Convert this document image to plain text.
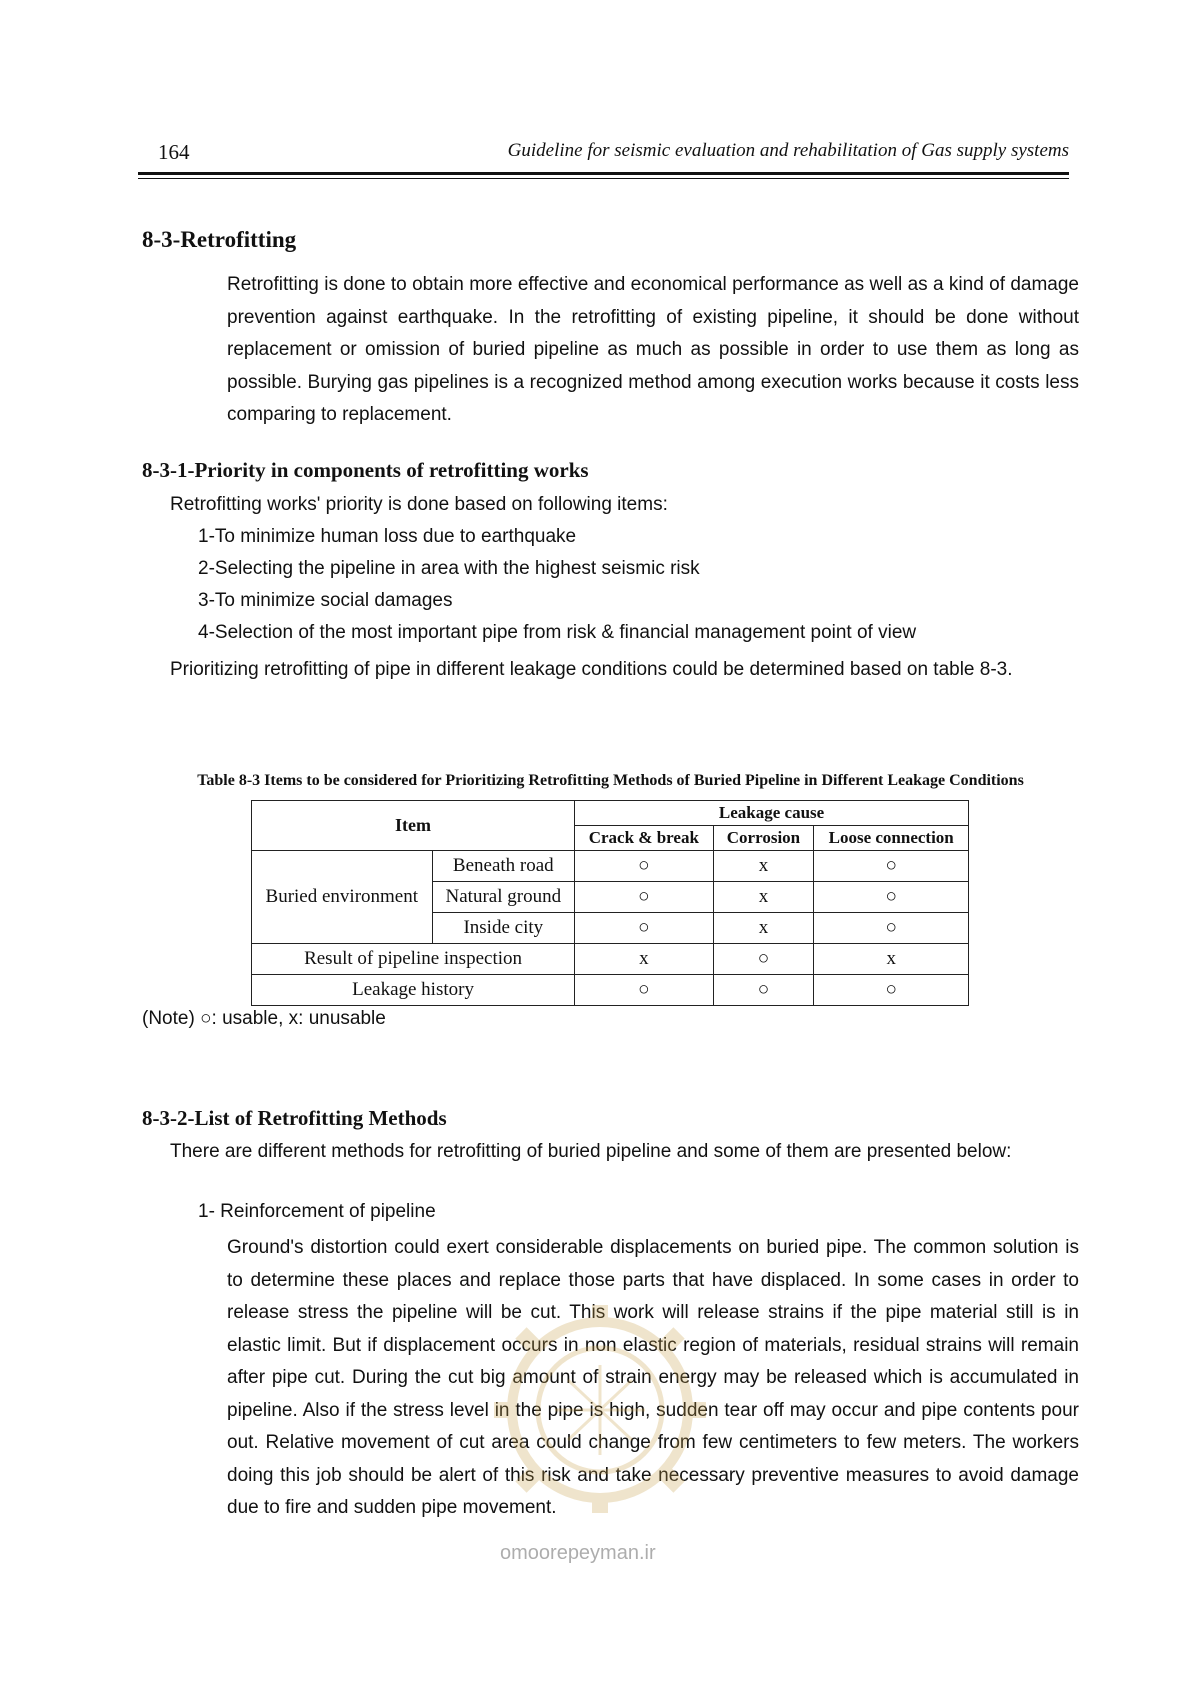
164	Guideline for seismic evaluation and rehabilitation of Gas supply systems
8-3-Retrofitting
Retrofitting is done to obtain more effective and economical performance as well as a kind of damage prevention against earthquake. In the retrofitting of existing pipeline, it should be done without replacement or omission of buried pipeline as much as possible in order to use them as long as possible. Burying gas pipelines is a recognized method among execution works because it costs less comparing to replacement.
8-3-1-Priority in components of retrofitting works
Retrofitting works' priority is done based on following items:
1-To minimize human loss due to earthquake
2-Selecting the pipeline in area with the highest seismic risk
3-To minimize social damages
4-Selection of the most important pipe from risk & financial management point of view
Prioritizing retrofitting of pipe in different leakage conditions could be determined based on table 8-3.
Table 8-3 Items to be considered for Prioritizing Retrofitting Methods of Buried Pipeline in Different Leakage Conditions
Item		Leakage cause		
		Crack & break	Corrosion	Loose connection
Buried environment	Beneath road	○	x	○
	Natural ground	○	x	○
	Inside city	○	x	○
Result of pipeline inspection		x	○	x
Leakage history		○	○	○
(Note) ○: usable, x: unusable
8-3-2-List of Retrofitting Methods
There are different methods for retrofitting of buried pipeline and some of them are presented below:
1- Reinforcement of pipeline
Ground's distortion could exert considerable displacements on buried pipe. The common solution is to determine these places and replace those parts that have displaced. In some cases in order to release stress the pipeline will be cut. This work will release strains if the pipe material still is in elastic limit. But if displacement occurs in non elastic region of materials, residual strains will remain after pipe cut. During the cut big amount of strain energy may be released which is accumulated in pipeline. Also if the stress level in the pipe is high, sudden tear off may occur and pipe contents pour out. Relative movement of cut area could change from few centimeters to few meters. The workers doing this job should be alert of this risk and take necessary preventive measures to avoid damage due to fire and sudden pipe movement.
omoorepeyman.ir
